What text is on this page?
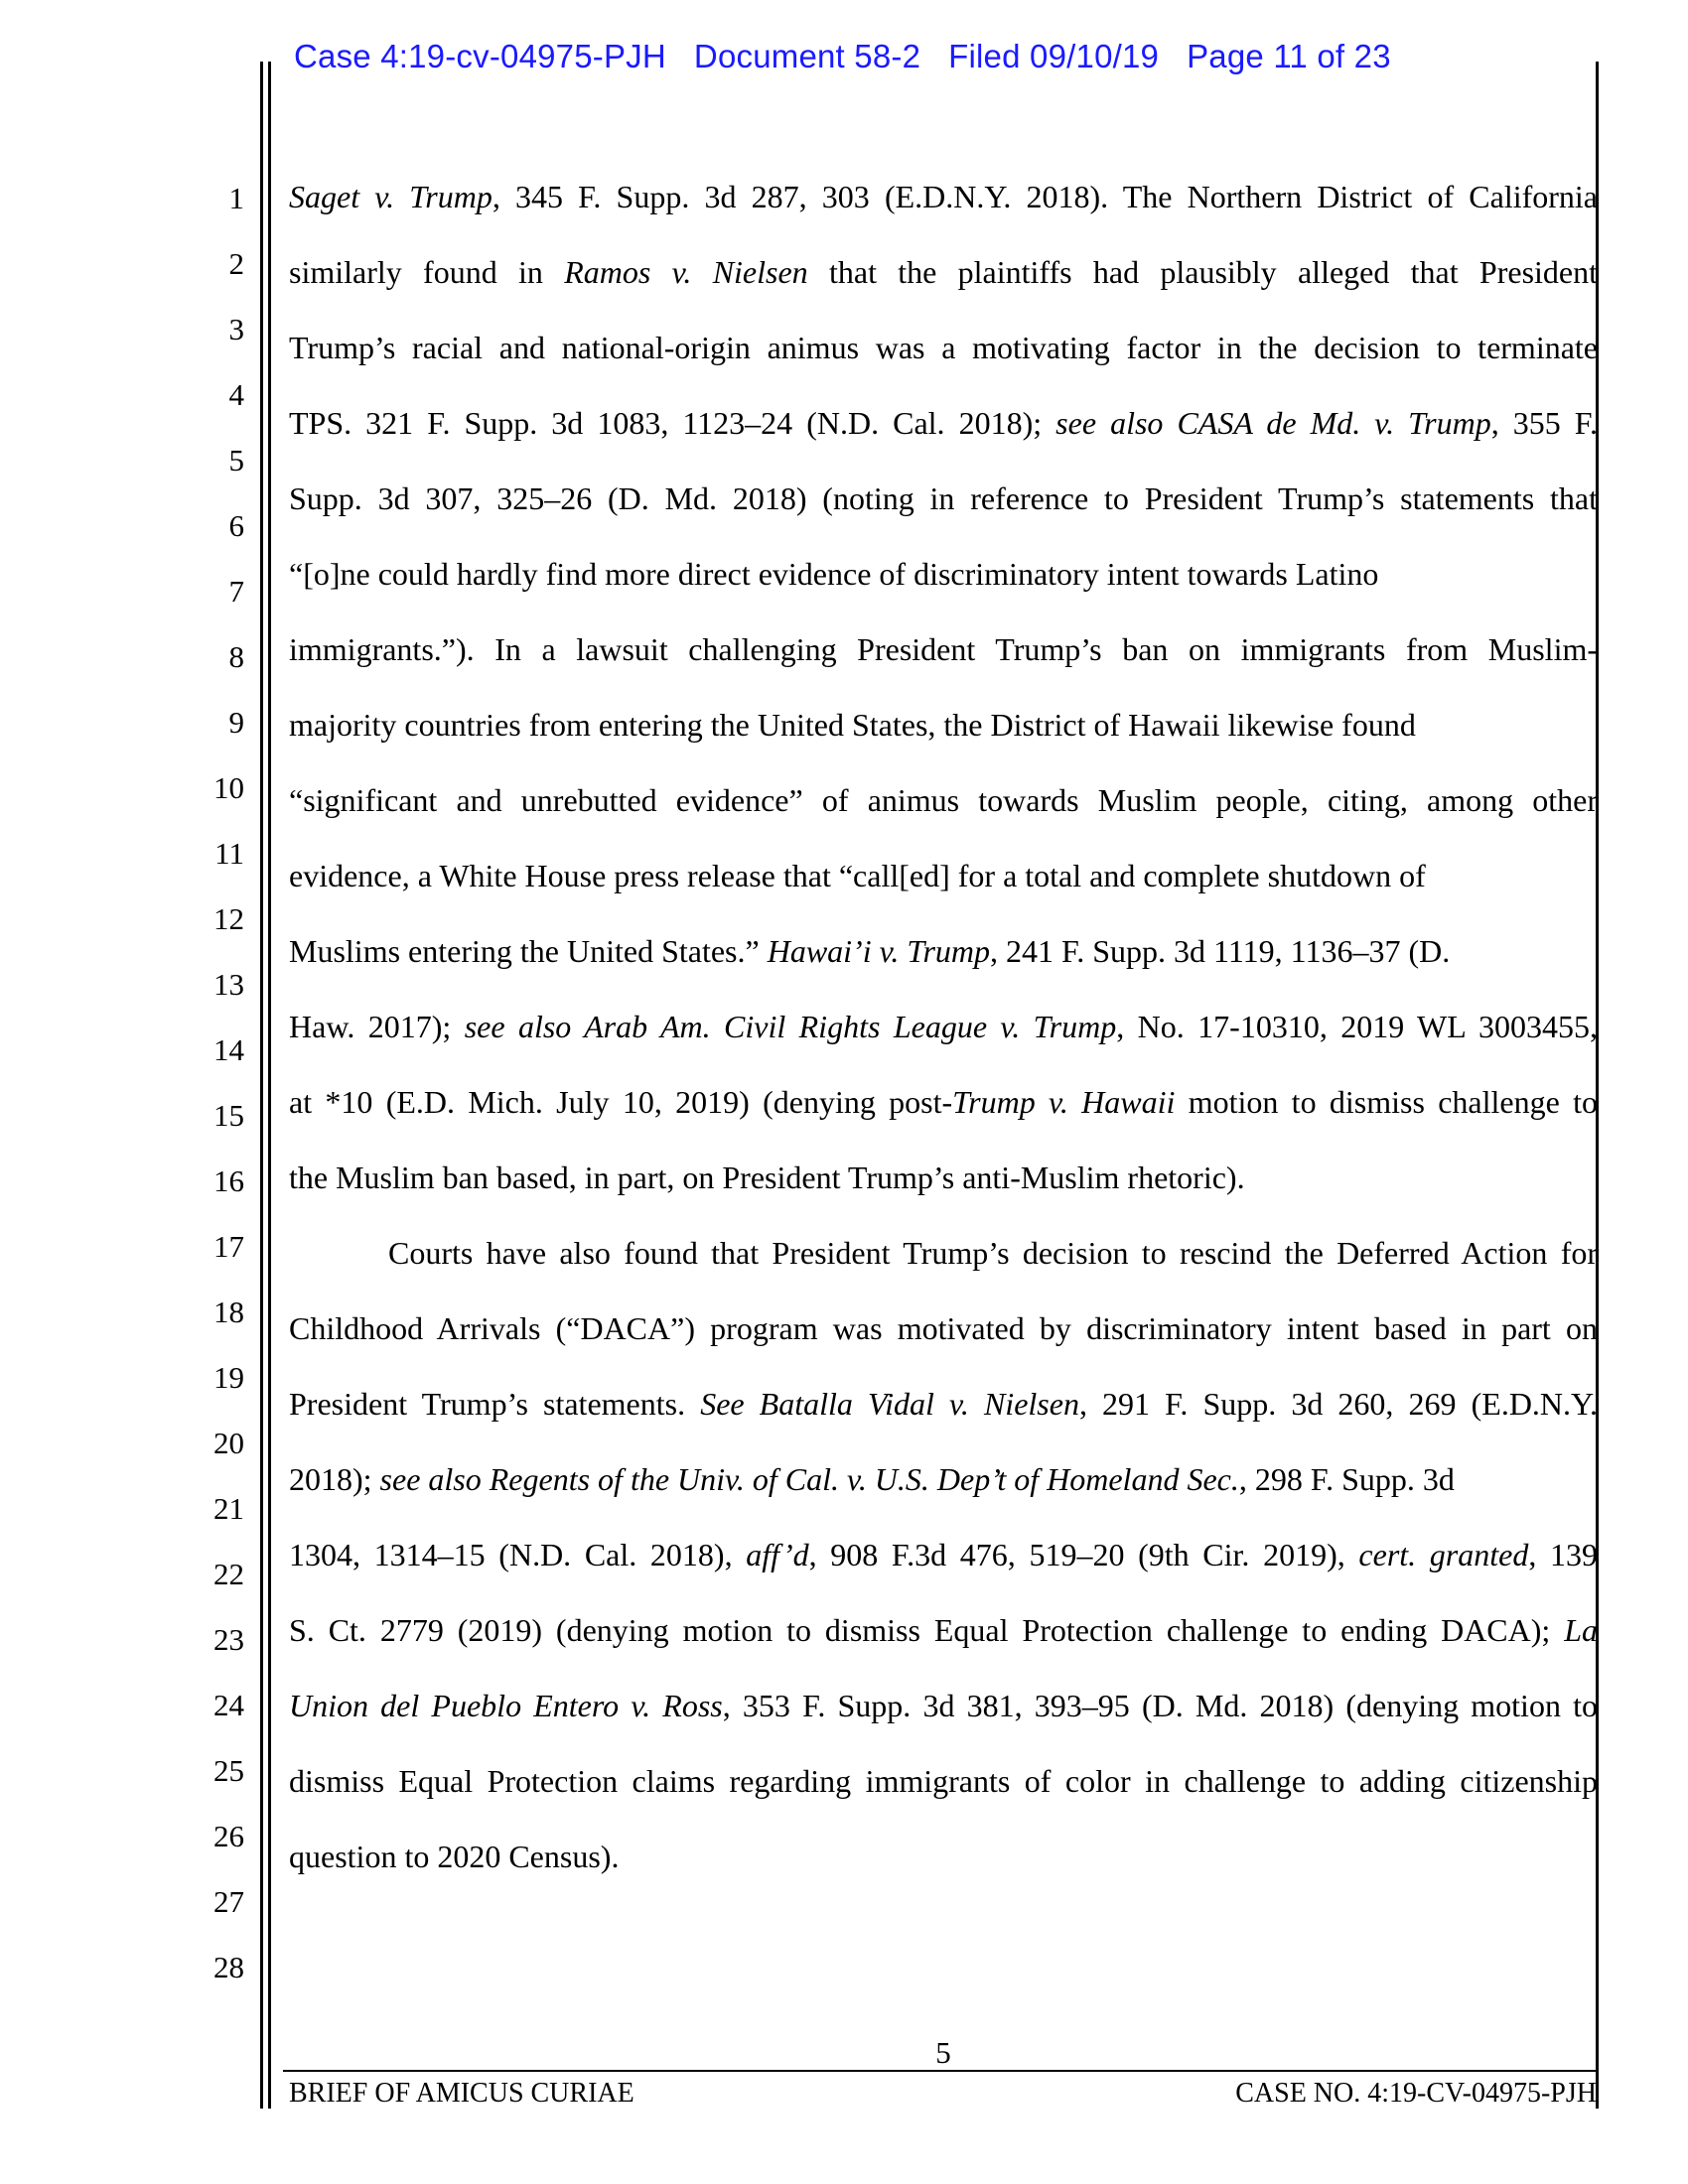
Case 4:19-cv-04975-PJH Document 58-2 Filed 09/10/19 Page 11 of 23
1
2
3
4
5
6
7
8
9
10
11
12
13
14
15
16
17
18
19
20
21
22
23
24
25
26
27
28
Saget v. Trump, 345 F. Supp. 3d 287, 303 (E.D.N.Y. 2018). The Northern District of California
similarly found in Ramos v. Nielsen that the plaintiffs had plausibly alleged that President
Trump’s racial and national-origin animus was a motivating factor in the decision to terminate
TPS. 321 F. Supp. 3d 1083, 1123–24 (N.D. Cal. 2018); see also CASA de Md. v. Trump, 355 F.
Supp. 3d 307, 325–26 (D. Md. 2018) (noting in reference to President Trump’s statements that
“[o]ne could hardly find more direct evidence of discriminatory intent towards Latino
immigrants.”). In a lawsuit challenging President Trump’s ban on immigrants from Muslim-
majority countries from entering the United States, the District of Hawaii likewise found
“significant and unrebutted evidence” of animus towards Muslim people, citing, among other
evidence, a White House press release that “call[ed] for a total and complete shutdown of
Muslims entering the United States.” Hawai’i v. Trump, 241 F. Supp. 3d 1119, 1136–37 (D.
Haw. 2017); see also Arab Am. Civil Rights League v. Trump, No. 17-10310, 2019 WL 3003455,
at *10 (E.D. Mich. July 10, 2019) (denying post-Trump v. Hawaii motion to dismiss challenge to
the Muslim ban based, in part, on President Trump’s anti-Muslim rhetoric).
Courts have also found that President Trump’s decision to rescind the Deferred Action for
Childhood Arrivals (“DACA”) program was motivated by discriminatory intent based in part on
President Trump’s statements. See Batalla Vidal v. Nielsen, 291 F. Supp. 3d 260, 269 (E.D.N.Y.
2018); see also Regents of the Univ. of Cal. v. U.S. Dep’t of Homeland Sec., 298 F. Supp. 3d
1304, 1314–15 (N.D. Cal. 2018), aff’d, 908 F.3d 476, 519–20 (9th Cir. 2019), cert. granted, 139
S. Ct. 2779 (2019) (denying motion to dismiss Equal Protection challenge to ending DACA); La
Union del Pueblo Entero v. Ross, 353 F. Supp. 3d 381, 393–95 (D. Md. 2018) (denying motion to
dismiss Equal Protection claims regarding immigrants of color in challenge to adding citizenship
question to 2020 Census).
5
BRIEF OF AMICUS CURIAE	CASE NO. 4:19-CV-04975-PJH
